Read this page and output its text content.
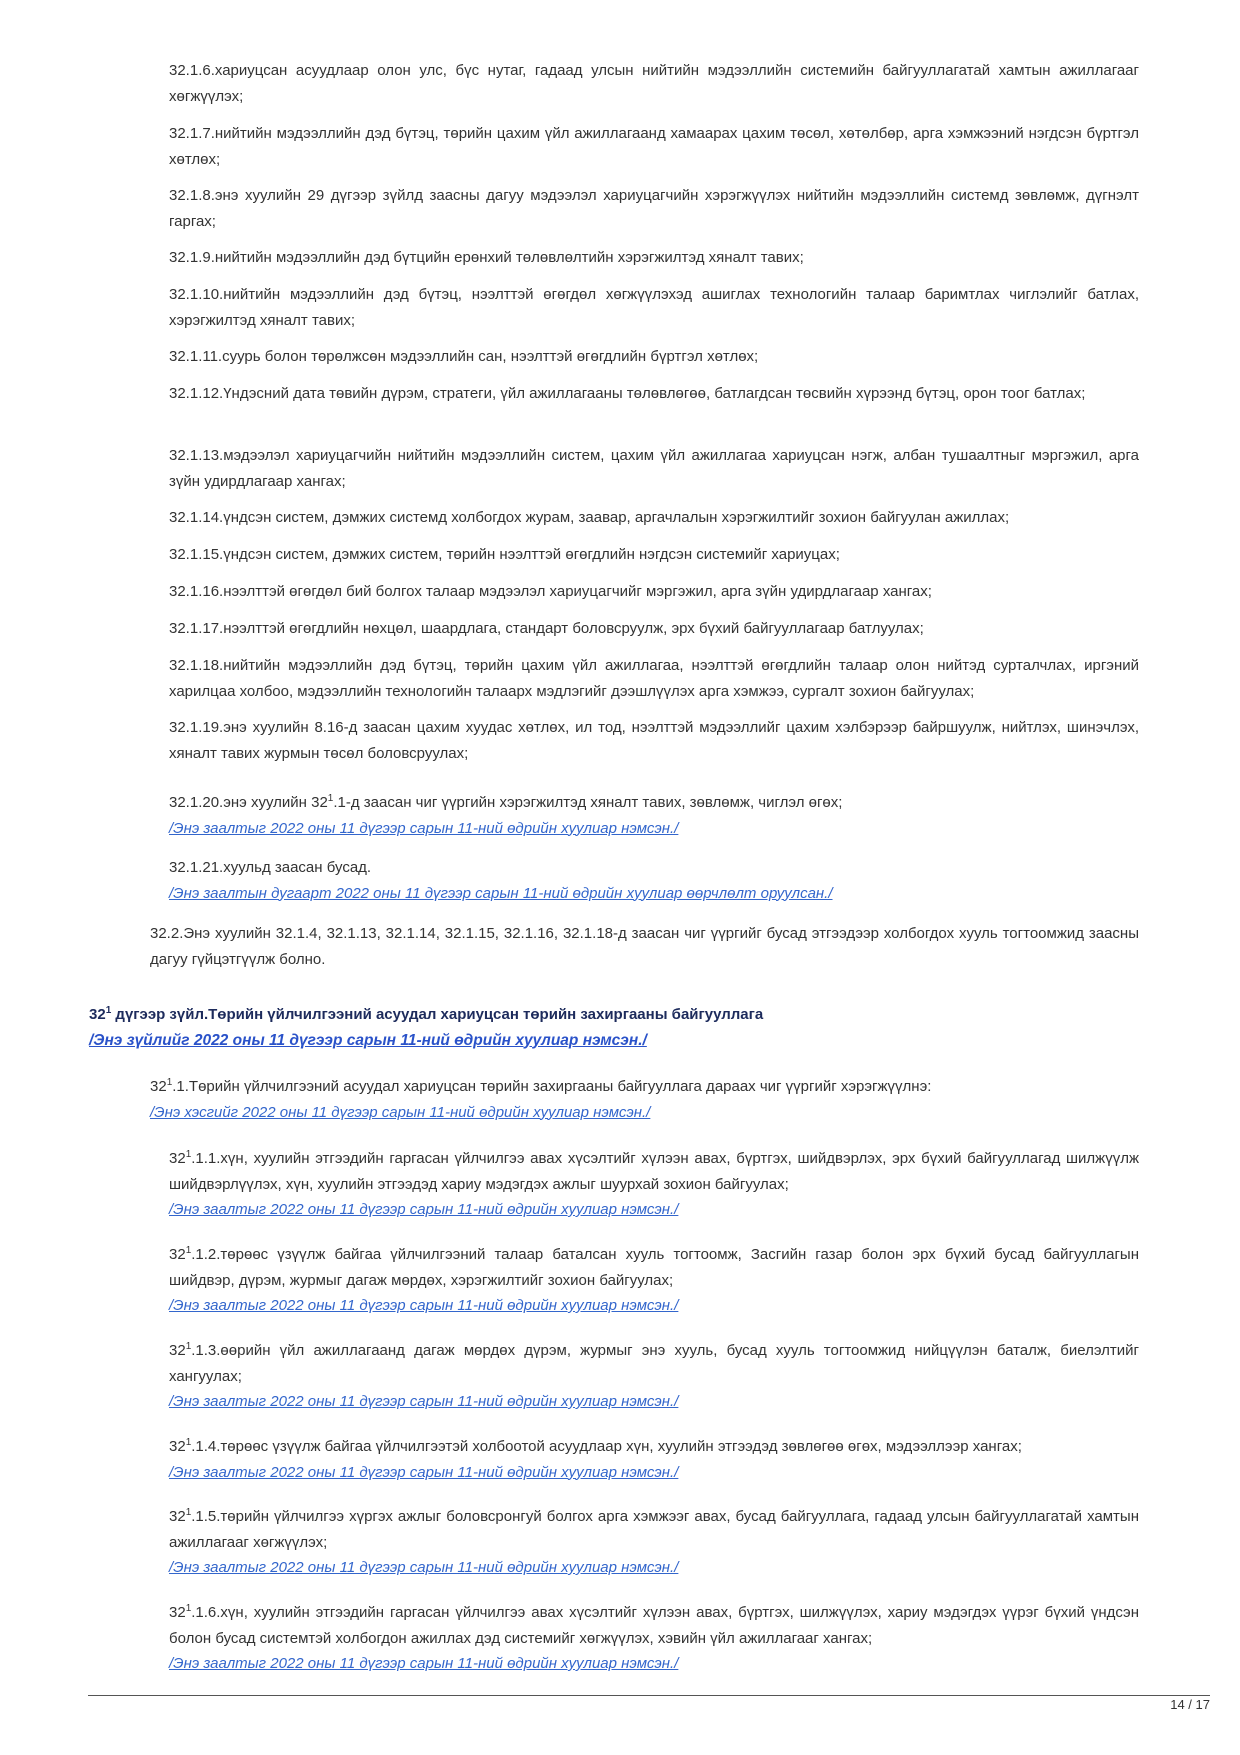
32.1.6.хариуцсан асуудлаар олон улс, бүс нутаг, гадаад улсын нийтийн мэдээллийн системийн байгууллагатай хамтын ажиллагааг хөгжүүлэх;

32.1.7.нийтийн мэдээллийн дэд бүтэц, төрийн цахим үйл ажиллагаанд хамаарах цахим төсөл, хөтөлбөр, арга хэмжээний нэгдсэн бүртгэл хөтлөх;

32.1.8.энэ хуулийн 29 дүгээр зүйлд заасны дагуу мэдээлэл хариуцагчийн хэрэгжүүлэх нийтийн мэдээллийн системд зөвлөмж, дүгнэлт гаргах;

32.1.9.нийтийн мэдээллийн дэд бүтцийн ерөнхий төлөвлөлтийн хэрэгжилтэд хяналт тавих;

32.1.10.нийтийн мэдээллийн дэд бүтэц, нээлттэй өгөгдөл хөгжүүлэхэд ашиглах технологийн талаар баримтлах чиглэлийг батлах, хэрэгжилтэд хяналт тавих;

32.1.11.суурь болон төрөлжсөн мэдээллийн сан, нээлттэй өгөгдлийн бүртгэл хөтлөх;

32.1.12.Үндэсний дата төвийн дүрэм, стратеги, үйл ажиллагааны төлөвлөгөө, батлагдсан төсвийн хүрээнд бүтэц, орон тоог батлах;

32.1.13.мэдээлэл хариуцагчийн нийтийн мэдээллийн систем, цахим үйл ажиллагаа хариуцсан нэгж, албан тушаалтныг мэргэжил, арга зүйн удирдлагаар хангах;

32.1.14.үндсэн систем, дэмжих системд холбогдох журам, заавар, аргачлалын хэрэгжилтийг зохион байгуулан ажиллах;

32.1.15.үндсэн систем, дэмжих систем, төрийн нээлттэй өгөгдлийн нэгдсэн системийг хариуцах;

32.1.16.нээлттэй өгөгдөл бий болгох талаар мэдээлэл хариуцагчийг мэргэжил, арга зүйн удирдлагаар хангах;

32.1.17.нээлттэй өгөгдлийн нөхцөл, шаардлага, стандарт боловсруулж, эрх бүхий байгууллагаар батлуулах;

32.1.18.нийтийн мэдээллийн дэд бүтэц, төрийн цахим үйл ажиллагаа, нээлттэй өгөгдлийн талаар олон нийтэд сурталчлах, иргэний харилцаа холбоо, мэдээллийн технологийн талаарх мэдлэгийг дээшлүүлэх арга хэмжээ, сургалт зохион байгуулах;

32.1.19.энэ хуулийн 8.16-д заасан цахим хуудас хөтлөх, ил тод, нээлттэй мэдээллийг цахим хэлбэрээр байршуулж, нийтлэх, шинэчлэх, хяналт тавих журмын төсөл боловсруулах;

32.1.20.энэ хуулийн $32^1.1-д$ заасан чиг үүргийн хэрэгжилтэд хяналт тавих, зөвлөмж, чиглэл өгөх;
/Энэ заалтыг 2022 оны 11 дүгээр сарын 11-ний өдрийн хуулиар нэмсэн./
32.1.21.хуульд заасан бусад.
/Энэ заалтын дугаарт 2022 оны 11 дүгээр сарын 11-ний өдрийн хуулиар өөрчлөлт оруулсан./

32.2.Энэ хуулийн 32.1.4, 32.1.13, 32.1.14, 32.1.15, 32.1.16, 32.1.18-д заасан чиг үүргийг бусад этгээдээр холбогдох хууль тогтоомжид заасны дагуу гүйцэтгүүлж болно.

$32^1$ дүгээр зүйл.Төрийн үйлчилгээний асуудал хариуцсан төрийн захиргааны байгууллага
/Энэ зүйлийг 2022 оны 11 дүгээр сарын 11-ний өдрийн хуулиар нэмсэн./
$32^1.1.Төрийн$ үйлчилгээний асуудал хариуцсан төрийн захиргааны байгууллага дараах чиг үүргийг хэрэгжүүлнэ:
/Энэ хэсгийг 2022 оны 11 дүгээр сарын 11-ний өдрийн хуулиар нэмсэн./
$32^1.1.1.хүн$, хуулийн этгээдийн гаргасан үйлчилгээ авах хүсэлтийг хүлээн авах, бүртгэх, шийдвэрлэх, эрх бүхий байгууллагад шилжүүлж шийдвэрлүүлэх, хүн, хуулийн этгээдэд хариу мэдэгдэх ажлыг шуурхай зохион байгуулах;
/Энэ заалтыг 2022 оны 11 дүгээр сарын 11-ний өдрийн хуулиар нэмсэн./
$32^1.1.2.төрөөс$ үзүүлж байгаа үйлчилгээний талаар баталсан хууль тогтоомж, Засгийн газар болон эрх бүхий бусад байгууллагын шийдвэр, дүрэм, журмыг дагаж мөрдөх, хэрэгжилтийг зохион байгуулах;
/Энэ заалтыг 2022 оны 11 дүгээр сарын 11-ний өдрийн хуулиар нэмсэн./
$32^1.1.3.өөрийн$ үйл ажиллагаанд дагаж мөрдөх дүрэм, журмыг энэ хууль, бусад хууль тогтоомжид нийцүүлэн баталж, биелэлтийг хангуулах;
/Энэ заалтыг 2022 оны 11 дүгээр сарын 11-ний өдрийн хуулиар нэмсэн./
$32^1.1.4.төрөөс$ үзүүлж байгаа үйлчилгээтэй холбоотой асуудлаар хүн, хуулийн этгээдэд зөвлөгөө өгөх, мэдээллээр хангах;
/Энэ заалтыг 2022 оны 11 дүгээр сарын 11-ний өдрийн хуулиар нэмсэн./
$32^1.1.5.төрийн$ үйлчилгээ хүргэх ажлыг боловсронгуй болгох арга хэмжээг авах, бусад байгууллага, гадаад улсын байгууллагатай хамтын ажиллагааг хөгжүүлэх;
/Энэ заалтыг 2022 оны 11 дүгээр сарын 11-ний өдрийн хуулиар нэмсэн./
$32^1.1.6.хүн$, хуулийн этгээдийн гаргасан үйлчилгээ авах хүсэлтийг хүлээн авах, бүртгэх, шилжүүлэх, хариу мэдэгдэх үүрэг бүхий үндсэн болон бусад системтэй холбогдон ажиллах дэд системийг хөгжүүлэх, хэвийн үйл ажиллагааг хангах;
/Энэ заалтыг 2022 оны 11 дүгээр сарын 11-ний өдрийн хуулиар нэмсэн./
14 / 17
